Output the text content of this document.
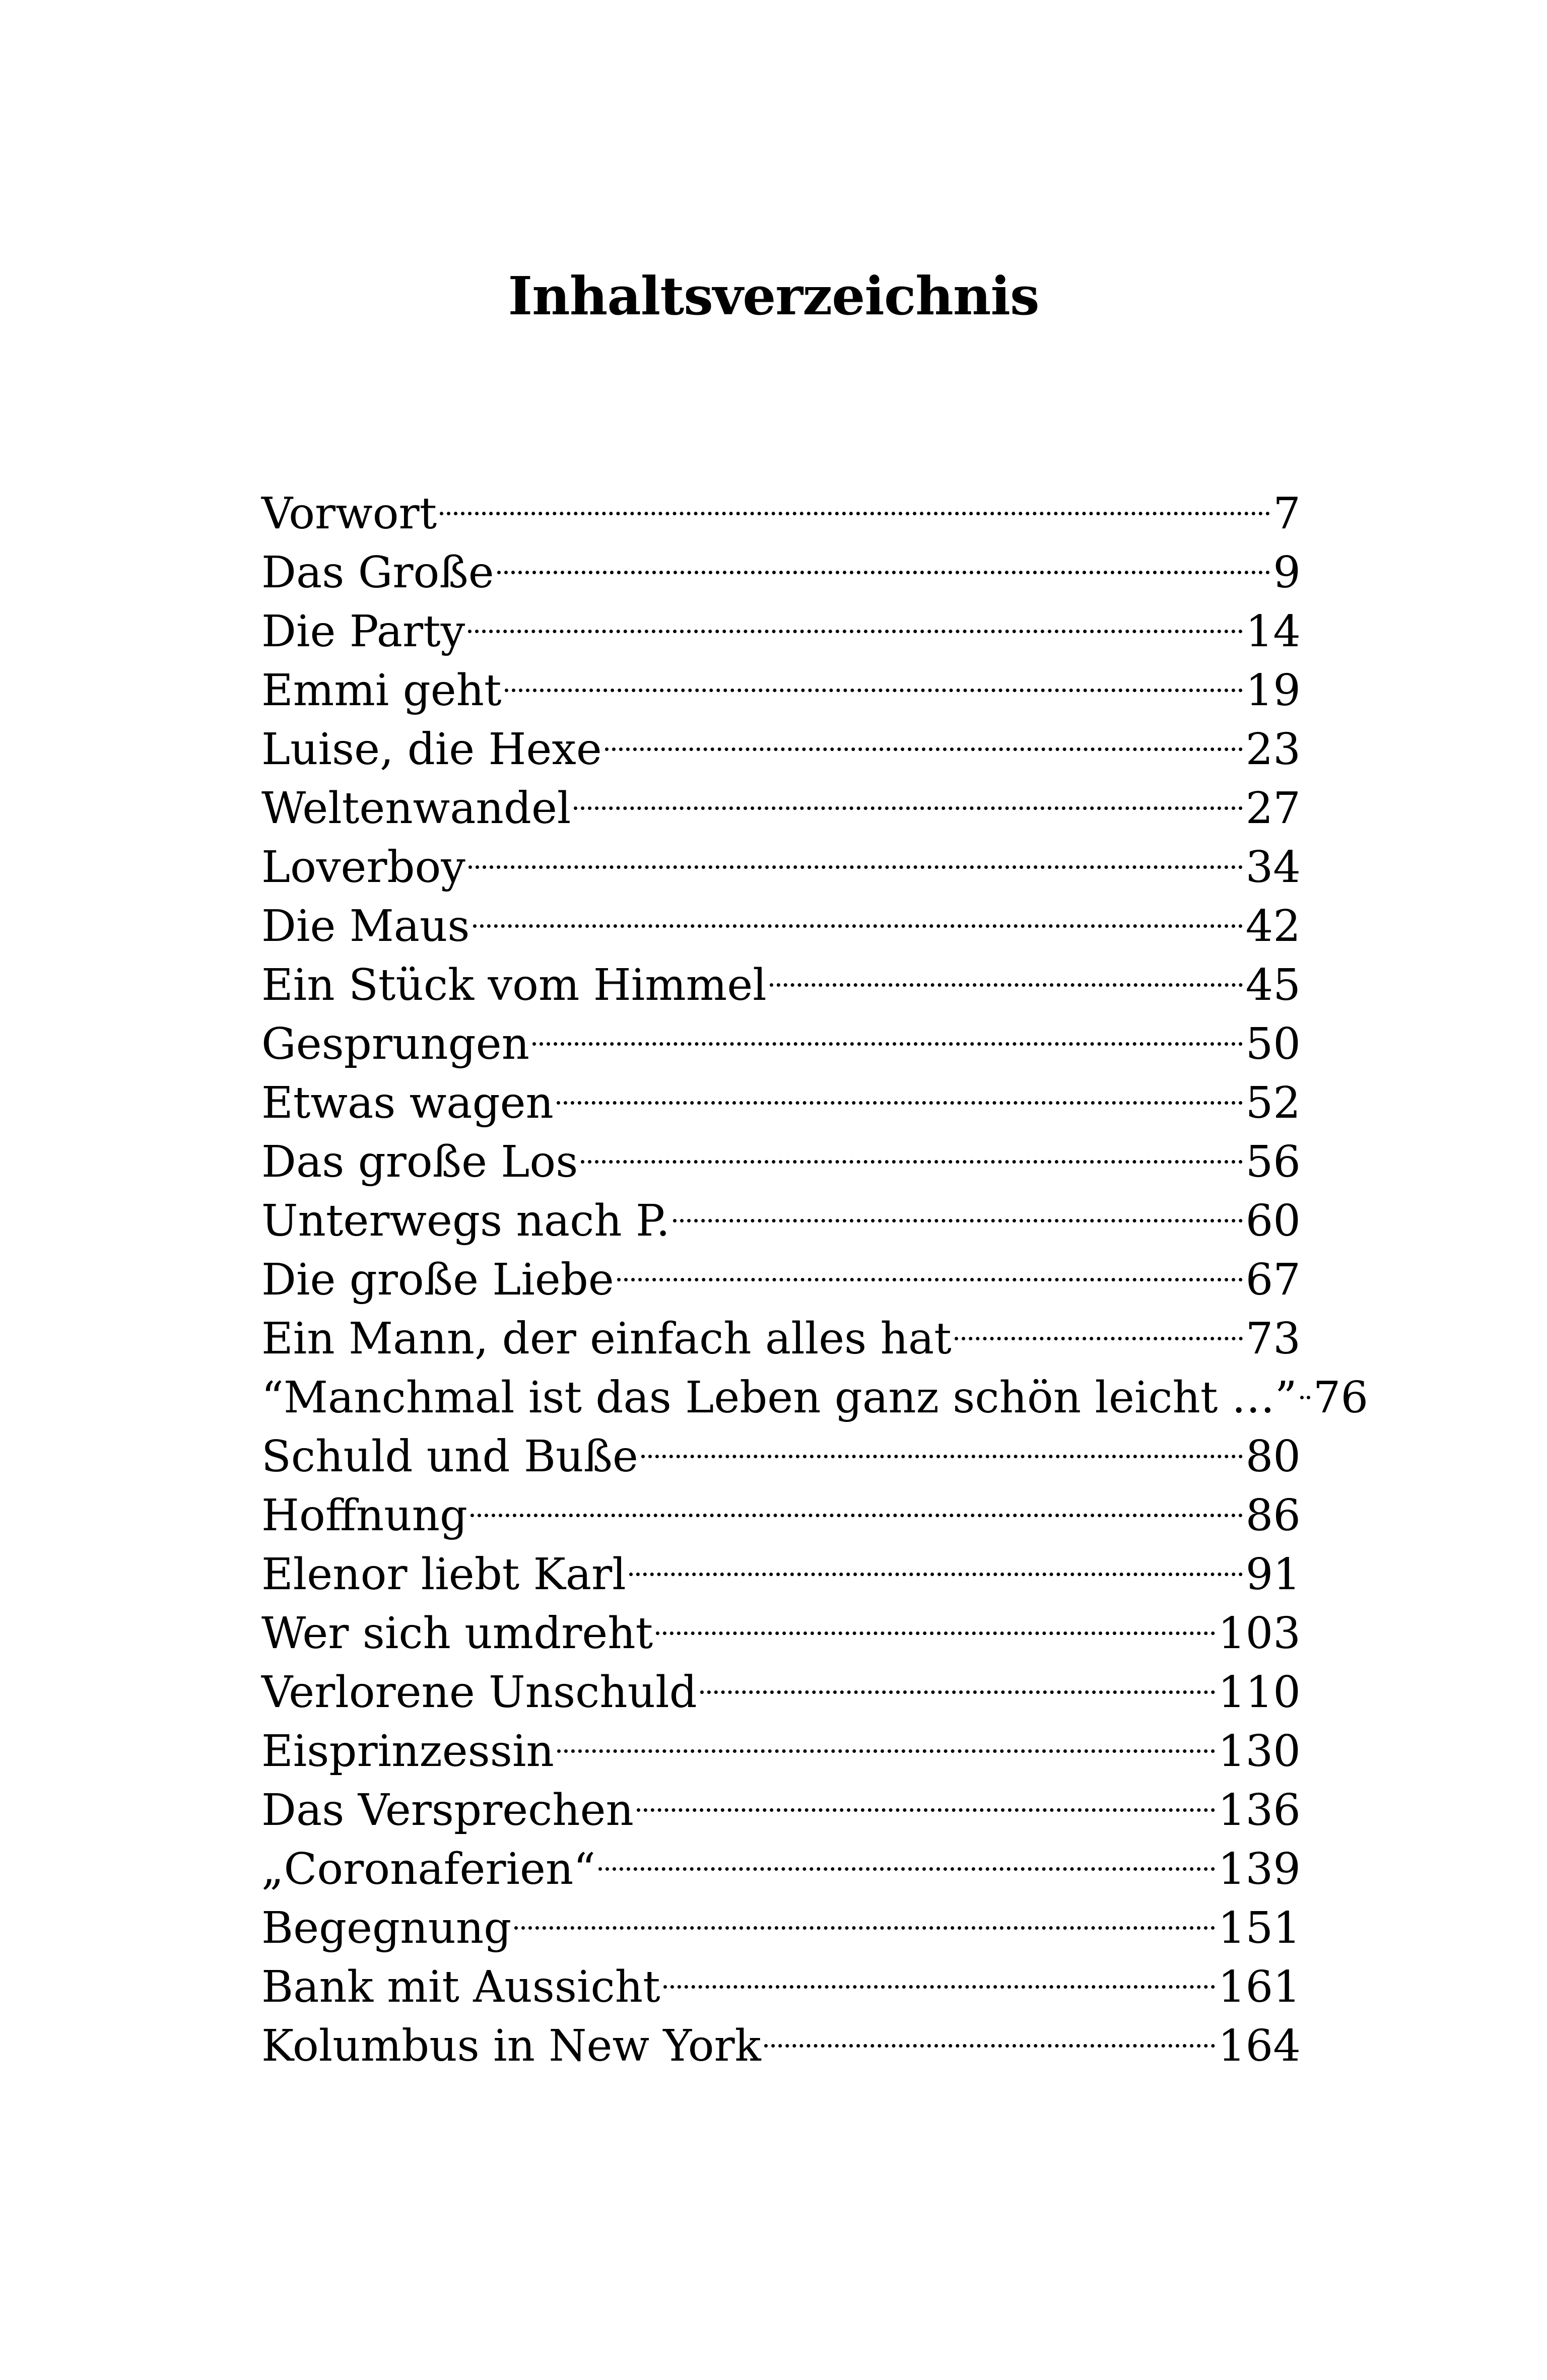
Inhaltsverzeichnis
Vorwort	7
Das Große	9
Die Party	14
Emmi geht	19
Luise, die Hexe	23
Weltenwandel	27
Loverboy	34
Die Maus	42
Ein Stück vom Himmel	45
Gesprungen	50
Etwas wagen	52
Das große Los	56
Unterwegs nach P.	60
Die große Liebe	67
Ein Mann, der einfach alles hat	73
“Manchmal ist das Leben ganz schön leicht …” 76
Schuld und Buße	80
Hoffnung	86
Elenor liebt Karl	91
Wer sich umdreht	103
Verlorene Unschuld	110
Eisprinzessin	130
Das Versprechen	136
„Coronaferien“	139
Begegnung	151
Bank mit Aussicht	161
Kolumbus in New York	164
